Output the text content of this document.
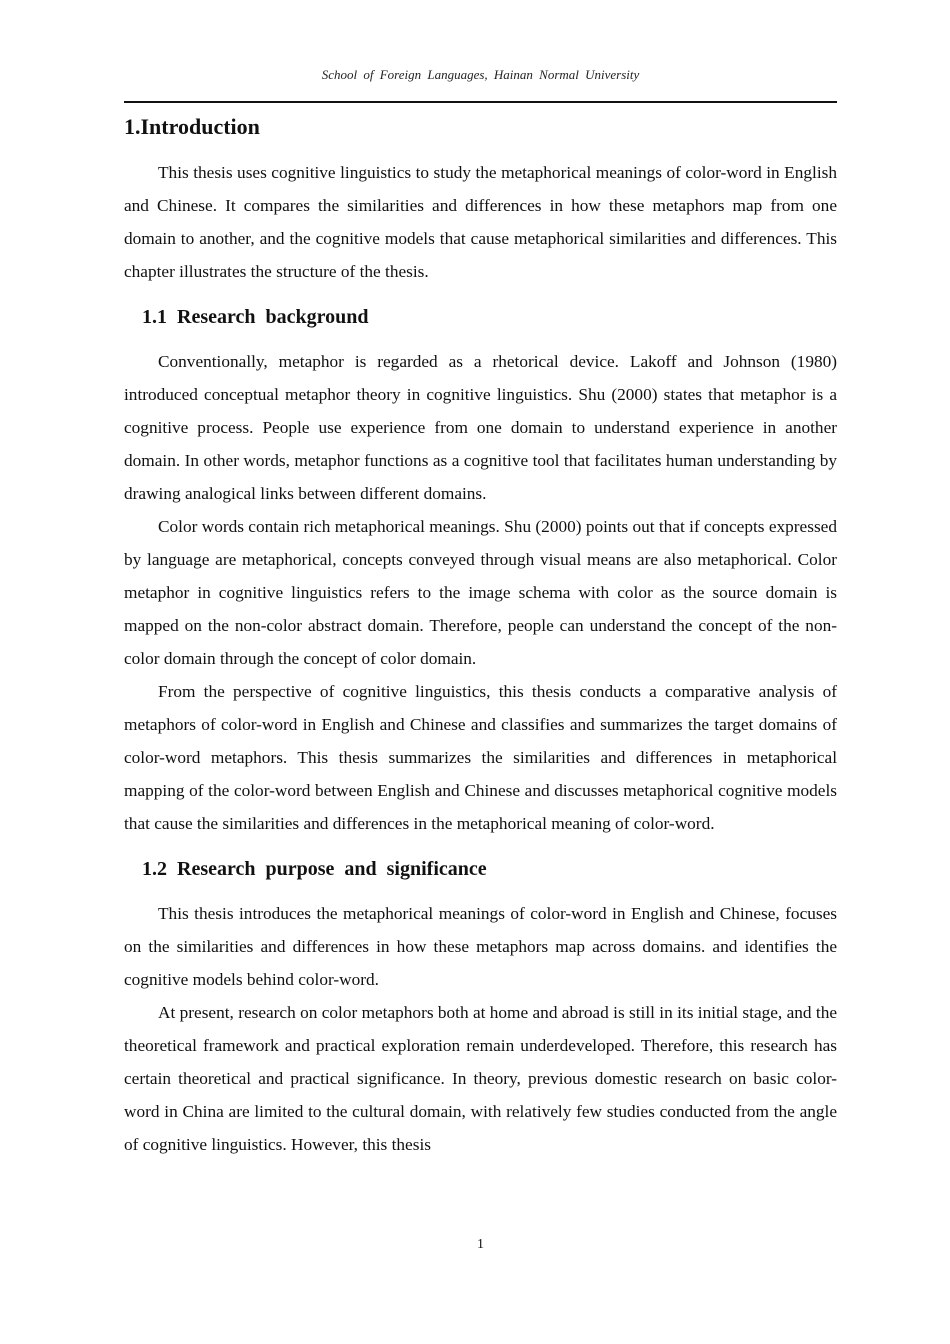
School of Foreign Languages, Hainan Normal University
1.Introduction

This thesis uses cognitive linguistics to study the metaphorical meanings of color-word in English and Chinese. It compares the similarities and differences in how these metaphors map from one domain to another, and the cognitive models that cause metaphorical similarities and differences. This chapter illustrates the structure of the thesis.

1.1 Research background

Conventionally, metaphor is regarded as a rhetorical device. Lakoff and Johnson (1980) introduced conceptual metaphor theory in cognitive linguistics. Shu (2000) states that metaphor is a cognitive process. People use experience from one domain to understand experience in another domain. In other words, metaphor functions as a cognitive tool that facilitates human understanding by drawing analogical links between different domains.

Color words contain rich metaphorical meanings. Shu (2000) points out that if concepts expressed by language are metaphorical, concepts conveyed through visual means are also metaphorical. Color metaphor in cognitive linguistics refers to the image schema with color as the source domain is mapped on the non-color abstract domain. Therefore, people can understand the concept of the non-color domain through the concept of color domain.

From the perspective of cognitive linguistics, this thesis conducts a comparative analysis of metaphors of color-word in English and Chinese and classifies and summarizes the target domains of color-word metaphors. This thesis summarizes the similarities and differences in metaphorical mapping of the color-word between English and Chinese and discusses metaphorical cognitive models that cause the similarities and differences in the metaphorical meaning of color-word.

1.2 Research purpose and significance

This thesis introduces the metaphorical meanings of color-word in English and Chinese, focuses on the similarities and differences in how these metaphors map across domains. and identifies the cognitive models behind color-word.

At present, research on color metaphors both at home and abroad is still in its initial stage, and the theoretical framework and practical exploration remain underdeveloped. Therefore, this research has certain theoretical and practical significance. In theory, previous domestic research on basic color-word in China are limited to the cultural domain, with relatively few studies conducted from the angle of cognitive linguistics. However, this thesis

1
